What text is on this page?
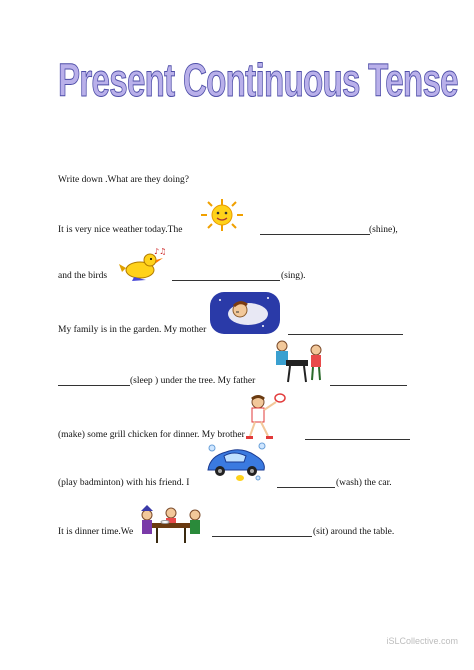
Present Continuous Tense
Write down .What are they doing?
It is very nice weather today.The	(shine),
and the birds
♪♫
(sing).
My family is in the garden. My mother
(sleep ) under the tree. My father
(make) some grill chicken for dinner. My brother
(play badminton) with his friend. I	(wash) the car.
It is dinner time.We	(sit) around the table.
iSLCollective.com
